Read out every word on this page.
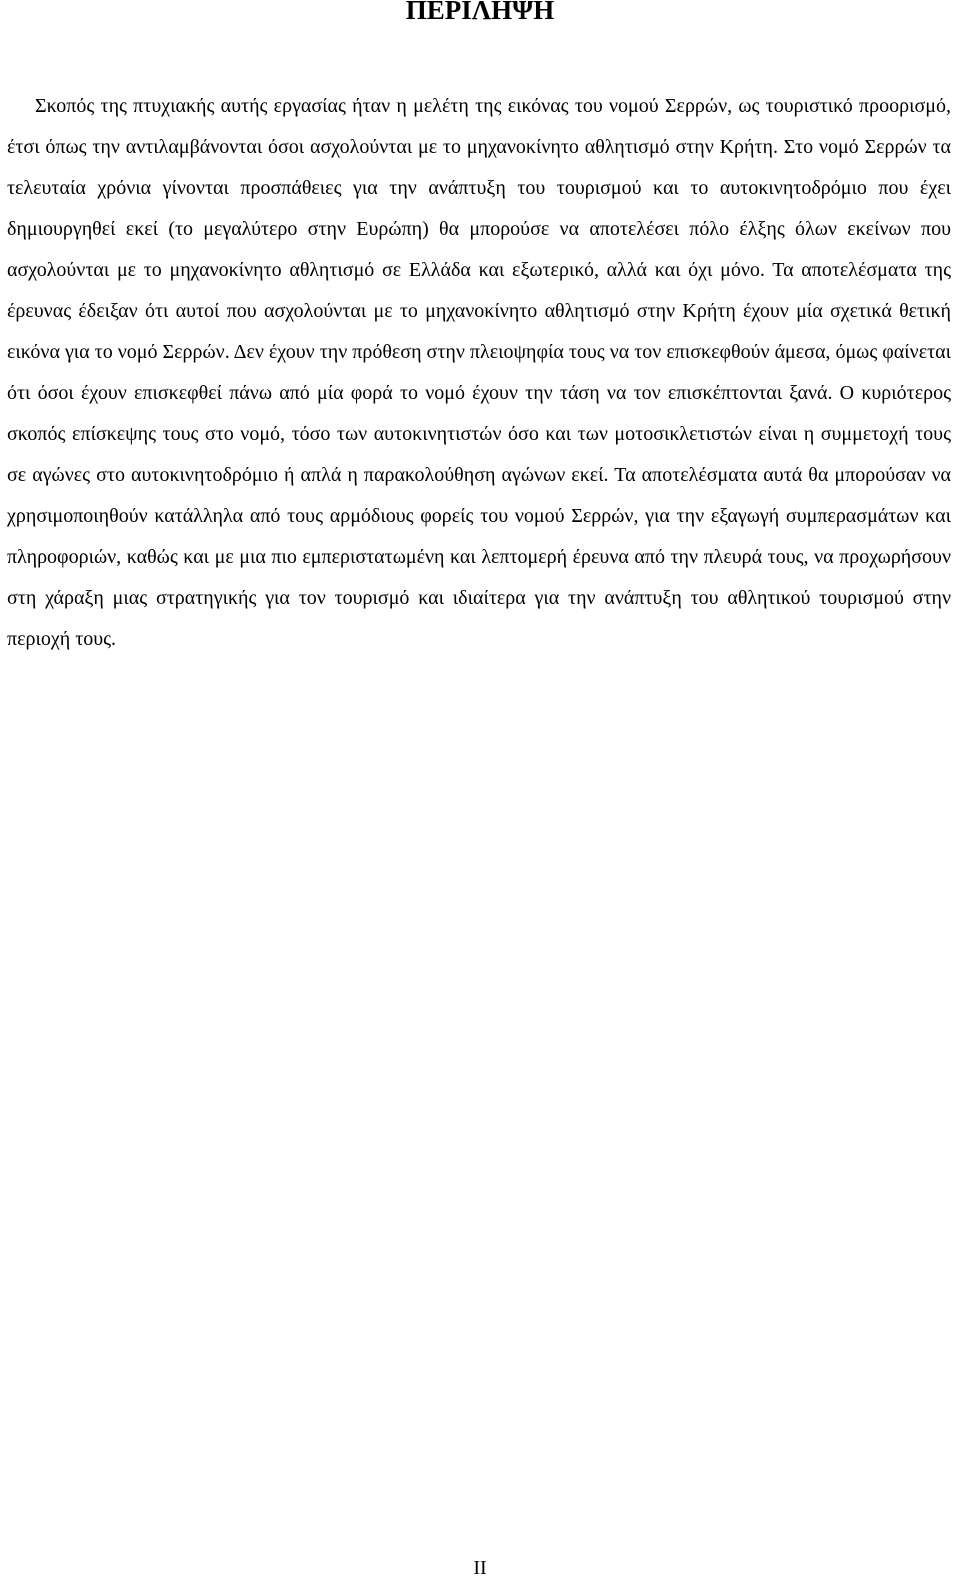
ΠΕΡΙΛΗΨΗ

Σκοπός της πτυχιακής αυτής εργασίας ήταν η μελέτη της εικόνας του νομού Σερρών, ως τουριστικό προορισμό, έτσι όπως την αντιλαμβάνονται όσοι ασχολούνται με το μηχανοκίνητο αθλητισμό στην Κρήτη. Στο νομό Σερρών τα τελευταία χρόνια γίνονται προσπάθειες για την ανάπτυξη του τουρισμού και το αυτοκινητοδρόμιο που έχει δημιουργηθεί εκεί (το μεγαλύτερο στην Ευρώπη) θα μπορούσε να αποτελέσει πόλο έλξης όλων εκείνων που ασχολούνται με το μηχανοκίνητο αθλητισμό σε Ελλάδα και εξωτερικό, αλλά και όχι μόνο. Τα αποτελέσματα της έρευνας έδειξαν ότι αυτοί που ασχολούνται με το μηχανοκίνητο αθλητισμό στην Κρήτη έχουν μία σχετικά θετική εικόνα για το νομό Σερρών. Δεν έχουν την πρόθεση στην πλειοψηφία τους να τον επισκεφθούν άμεσα, όμως φαίνεται ότι όσοι έχουν επισκεφθεί πάνω από μία φορά το νομό έχουν την τάση να τον επισκέπτονται ξανά. Ο κυριότερος σκοπός επίσκεψης τους στο νομό, τόσο των αυτοκινητιστών όσο και των μοτοσικλετιστών είναι η συμμετοχή τους σε αγώνες στο αυτοκινητοδρόμιο ή απλά η παρακολούθηση αγώνων εκεί. Τα αποτελέσματα αυτά θα μπορούσαν να χρησιμοποιηθούν κατάλληλα από τους αρμόδιους φορείς του νομού Σερρών, για την εξαγωγή συμπερασμάτων και πληροφοριών, καθώς και με μια πιο εμπεριστατωμένη και λεπτομερή έρευνα από την πλευρά τους, να προχωρήσουν στη χάραξη μιας στρατηγικής για τον τουρισμό και ιδιαίτερα για την ανάπτυξη του αθλητικού τουρισμού στην περιοχή τους.

II
